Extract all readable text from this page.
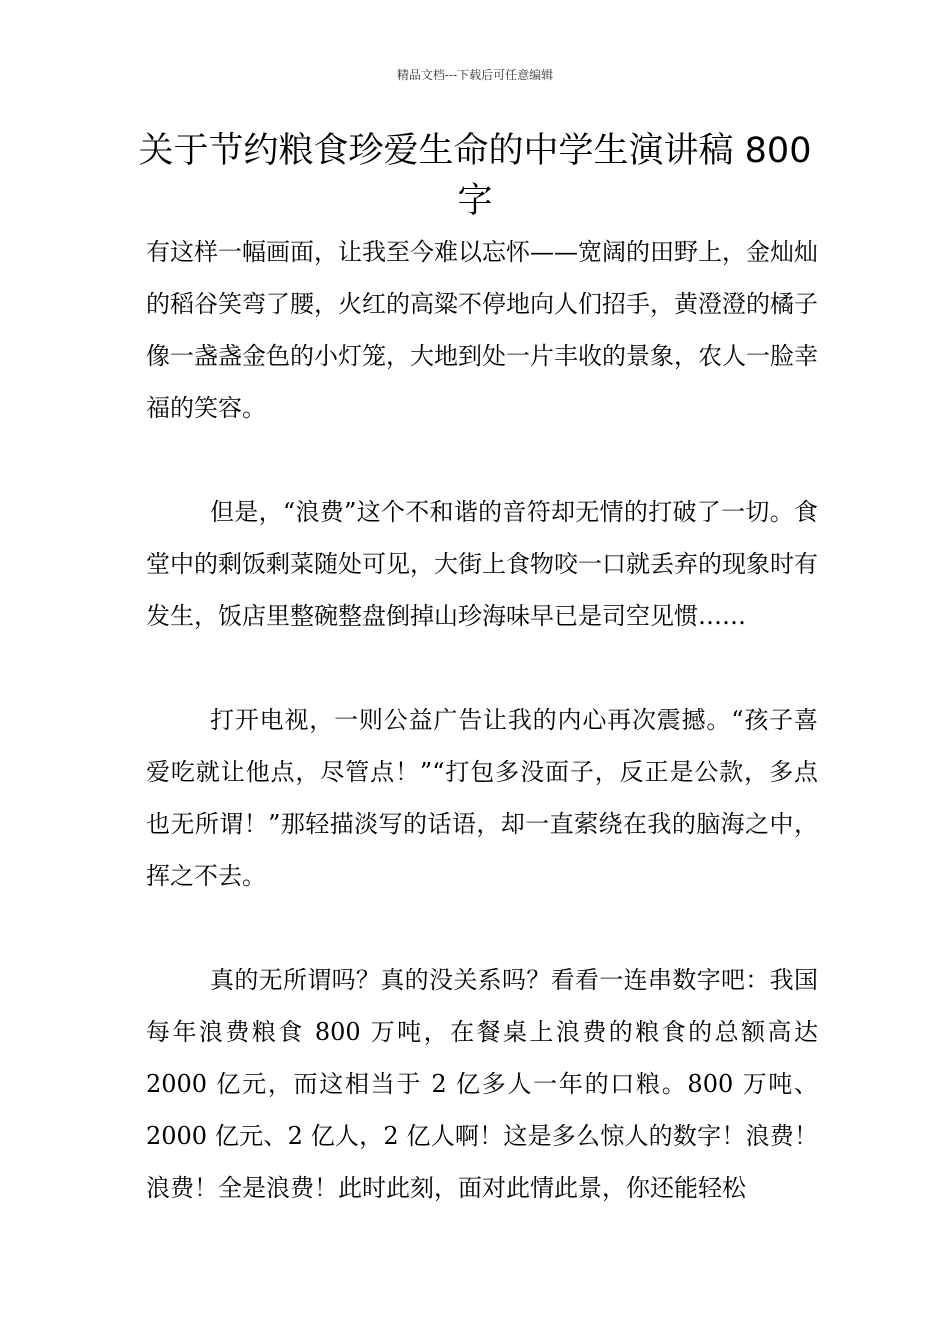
精品文档---下载后可任意编辑
关于节约粮食珍爱生命的中学生演讲稿 800 字

有这样一幅画面，让我至今难以忘怀——宽阔的田野上，金灿灿的稻谷笑弯了腰，火红的高粱不停地向人们招手，黄澄澄的橘子像一盏盏金色的小灯笼，大地到处一片丰收的景象，农人一脸幸福的笑容。

但是，“浪费”这个不和谐的音符却无情的打破了一切。食堂中的剩饭剩菜随处可见，大街上食物咬一口就丢弃的现象时有发生，饭店里整碗整盘倒掉山珍海味早已是司空见惯……

打开电视，一则公益广告让我的内心再次震撼。“孩子喜爱吃就让他点，尽管点！”“打包多没面子，反正是公款，多点也无所谓！”那轻描淡写的话语，却一直萦绕在我的脑海之中，挥之不去。

真的无所谓吗？真的没关系吗？看看一连串数字吧：我国每年浪费粮食 800 万吨，在餐桌上浪费的粮食的总额高达 2000 亿元，而这相当于 2 亿多人一年的口粮。800 万吨、2000 亿元、2 亿人，2 亿人啊！这是多么惊人的数字！浪费！浪费！全是浪费！此时此刻，面对此情此景，你还能轻松
